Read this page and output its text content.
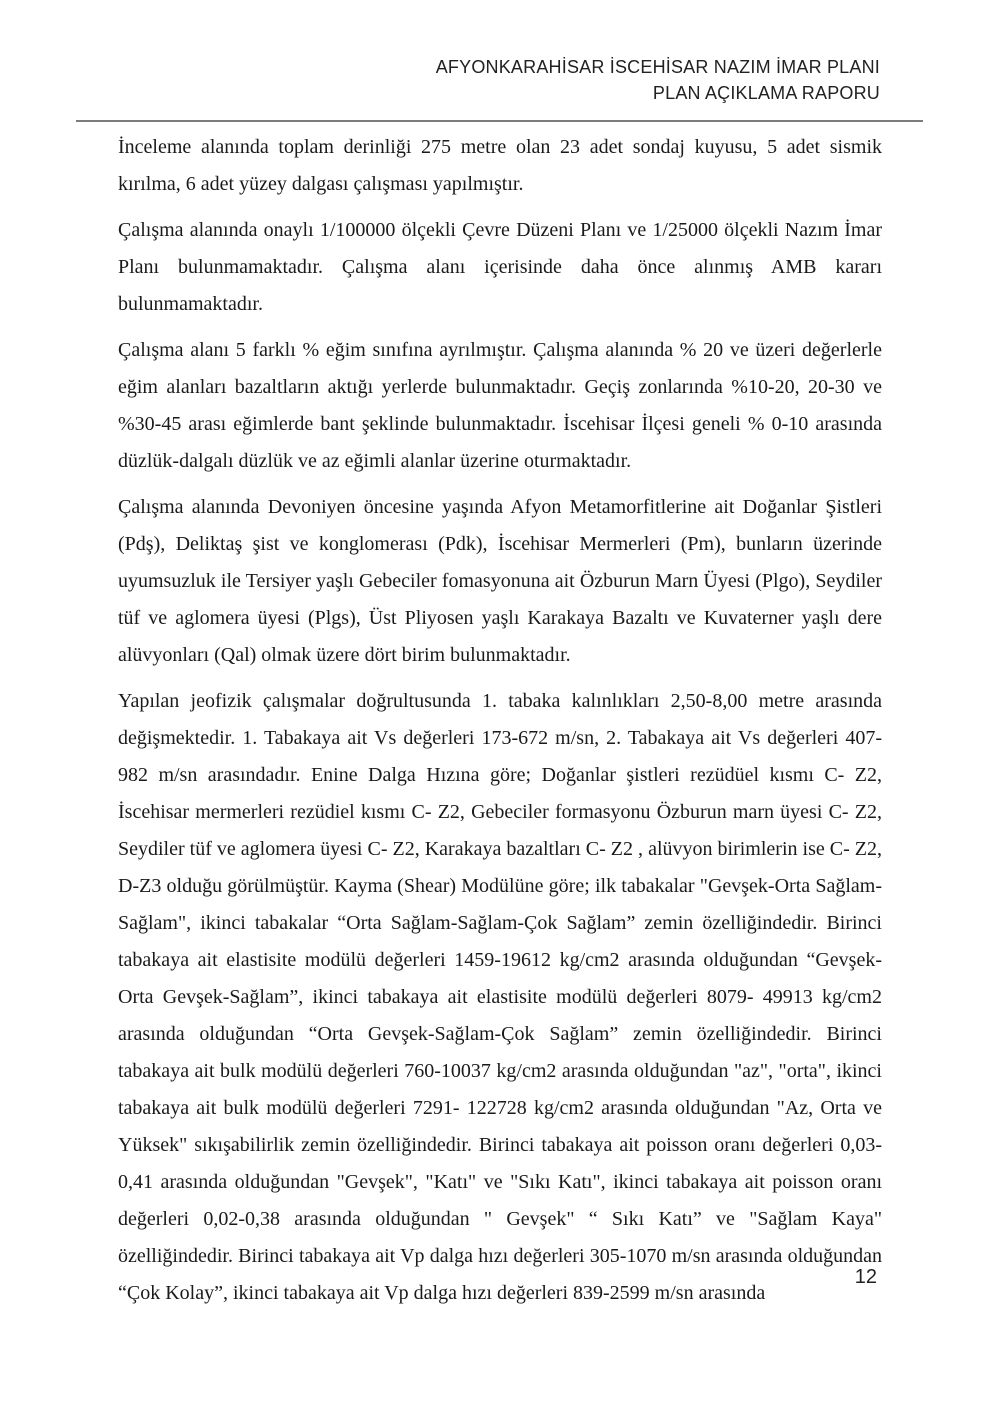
AFYONKARAHİSAR İSCEHİSAR NAZIM İMAR PLANI
PLAN AÇIKLAMA RAPORU

İnceleme alanında toplam derinliği 275 metre olan 23 adet sondaj kuyusu, 5 adet sismik kırılma, 6 adet yüzey dalgası çalışması yapılmıştır.

Çalışma alanında onaylı 1/100000 ölçekli Çevre Düzeni Planı ve 1/25000 ölçekli Nazım İmar Planı bulunmamaktadır. Çalışma alanı içerisinde daha önce alınmış AMB kararı bulunmamaktadır.

Çalışma alanı 5 farklı % eğim sınıfına ayrılmıştır. Çalışma alanında % 20 ve üzeri değerlerle eğim alanları bazaltların aktığı yerlerde bulunmaktadır. Geçiş zonlarında %10-20, 20-30 ve %30-45 arası eğimlerde bant şeklinde bulunmaktadır. İscehisar İlçesi geneli % 0-10 arasında düzlük-dalgalı düzlük ve az eğimli alanlar üzerine oturmaktadır.

Çalışma alanında Devoniyen öncesine yaşında Afyon Metamorfitlerine ait Doğanlar Şistleri (Pdş), Deliktaş şist ve konglomerası (Pdk), İscehisar Mermerleri (Pm), bunların üzerinde uyumsuzluk ile Tersiyer yaşlı Gebeciler fomasyonuna ait Özburun Marn Üyesi (Plgo), Seydiler tüf ve aglomera üyesi (Plgs), Üst Pliyosen yaşlı Karakaya Bazaltı ve Kuvaterner yaşlı dere alüvyonları (Qal) olmak üzere dört birim bulunmaktadır.

Yapılan jeofizik çalışmalar doğrultusunda 1. tabaka kalınlıkları 2,50-8,00 metre arasında değişmektedir. 1. Tabakaya ait Vs değerleri 173-672 m/sn, 2. Tabakaya ait Vs değerleri 407-982 m/sn arasındadır. Enine Dalga Hızına göre; Doğanlar şistleri rezüdüel kısmı C- Z2, İscehisar mermerleri rezüdiel kısmı C- Z2, Gebeciler formasyonu Özburun marn üyesi C- Z2, Seydiler tüf ve aglomera üyesi C- Z2, Karakaya bazaltları C- Z2 , alüvyon birimlerin ise C- Z2, D-Z3 olduğu görülmüştür. Kayma (Shear) Modülüne göre; ilk tabakalar "Gevşek-Orta Sağlam-Sağlam", ikinci tabakalar “Orta Sağlam-Sağlam-Çok Sağlam” zemin özelliğindedir. Birinci tabakaya ait elastisite modülü değerleri 1459-19612 kg/cm2 arasında olduğundan “Gevşek-Orta Gevşek-Sağlam”, ikinci tabakaya ait elastisite modülü değerleri 8079- 49913 kg/cm2 arasında olduğundan “Orta Gevşek-Sağlam-Çok Sağlam” zemin özelliğindedir. Birinci tabakaya ait bulk modülü değerleri 760-10037 kg/cm2 arasında olduğundan "az", "orta", ikinci tabakaya ait bulk modülü değerleri 7291- 122728 kg/cm2 arasında olduğundan "Az, Orta ve Yüksek" sıkışabilirlik zemin özelliğindedir. Birinci tabakaya ait poisson oranı değerleri 0,03-0,41 arasında olduğundan "Gevşek", "Katı" ve "Sıkı Katı", ikinci tabakaya ait poisson oranı değerleri 0,02-0,38 arasında olduğundan " Gevşek" “ Sıkı Katı” ve "Sağlam Kaya" özelliğindedir. Birinci tabakaya ait Vp dalga hızı değerleri 305-1070 m/sn arasında olduğundan “Çok Kolay”, ikinci tabakaya ait Vp dalga hızı değerleri 839-2599 m/sn arasında

12
